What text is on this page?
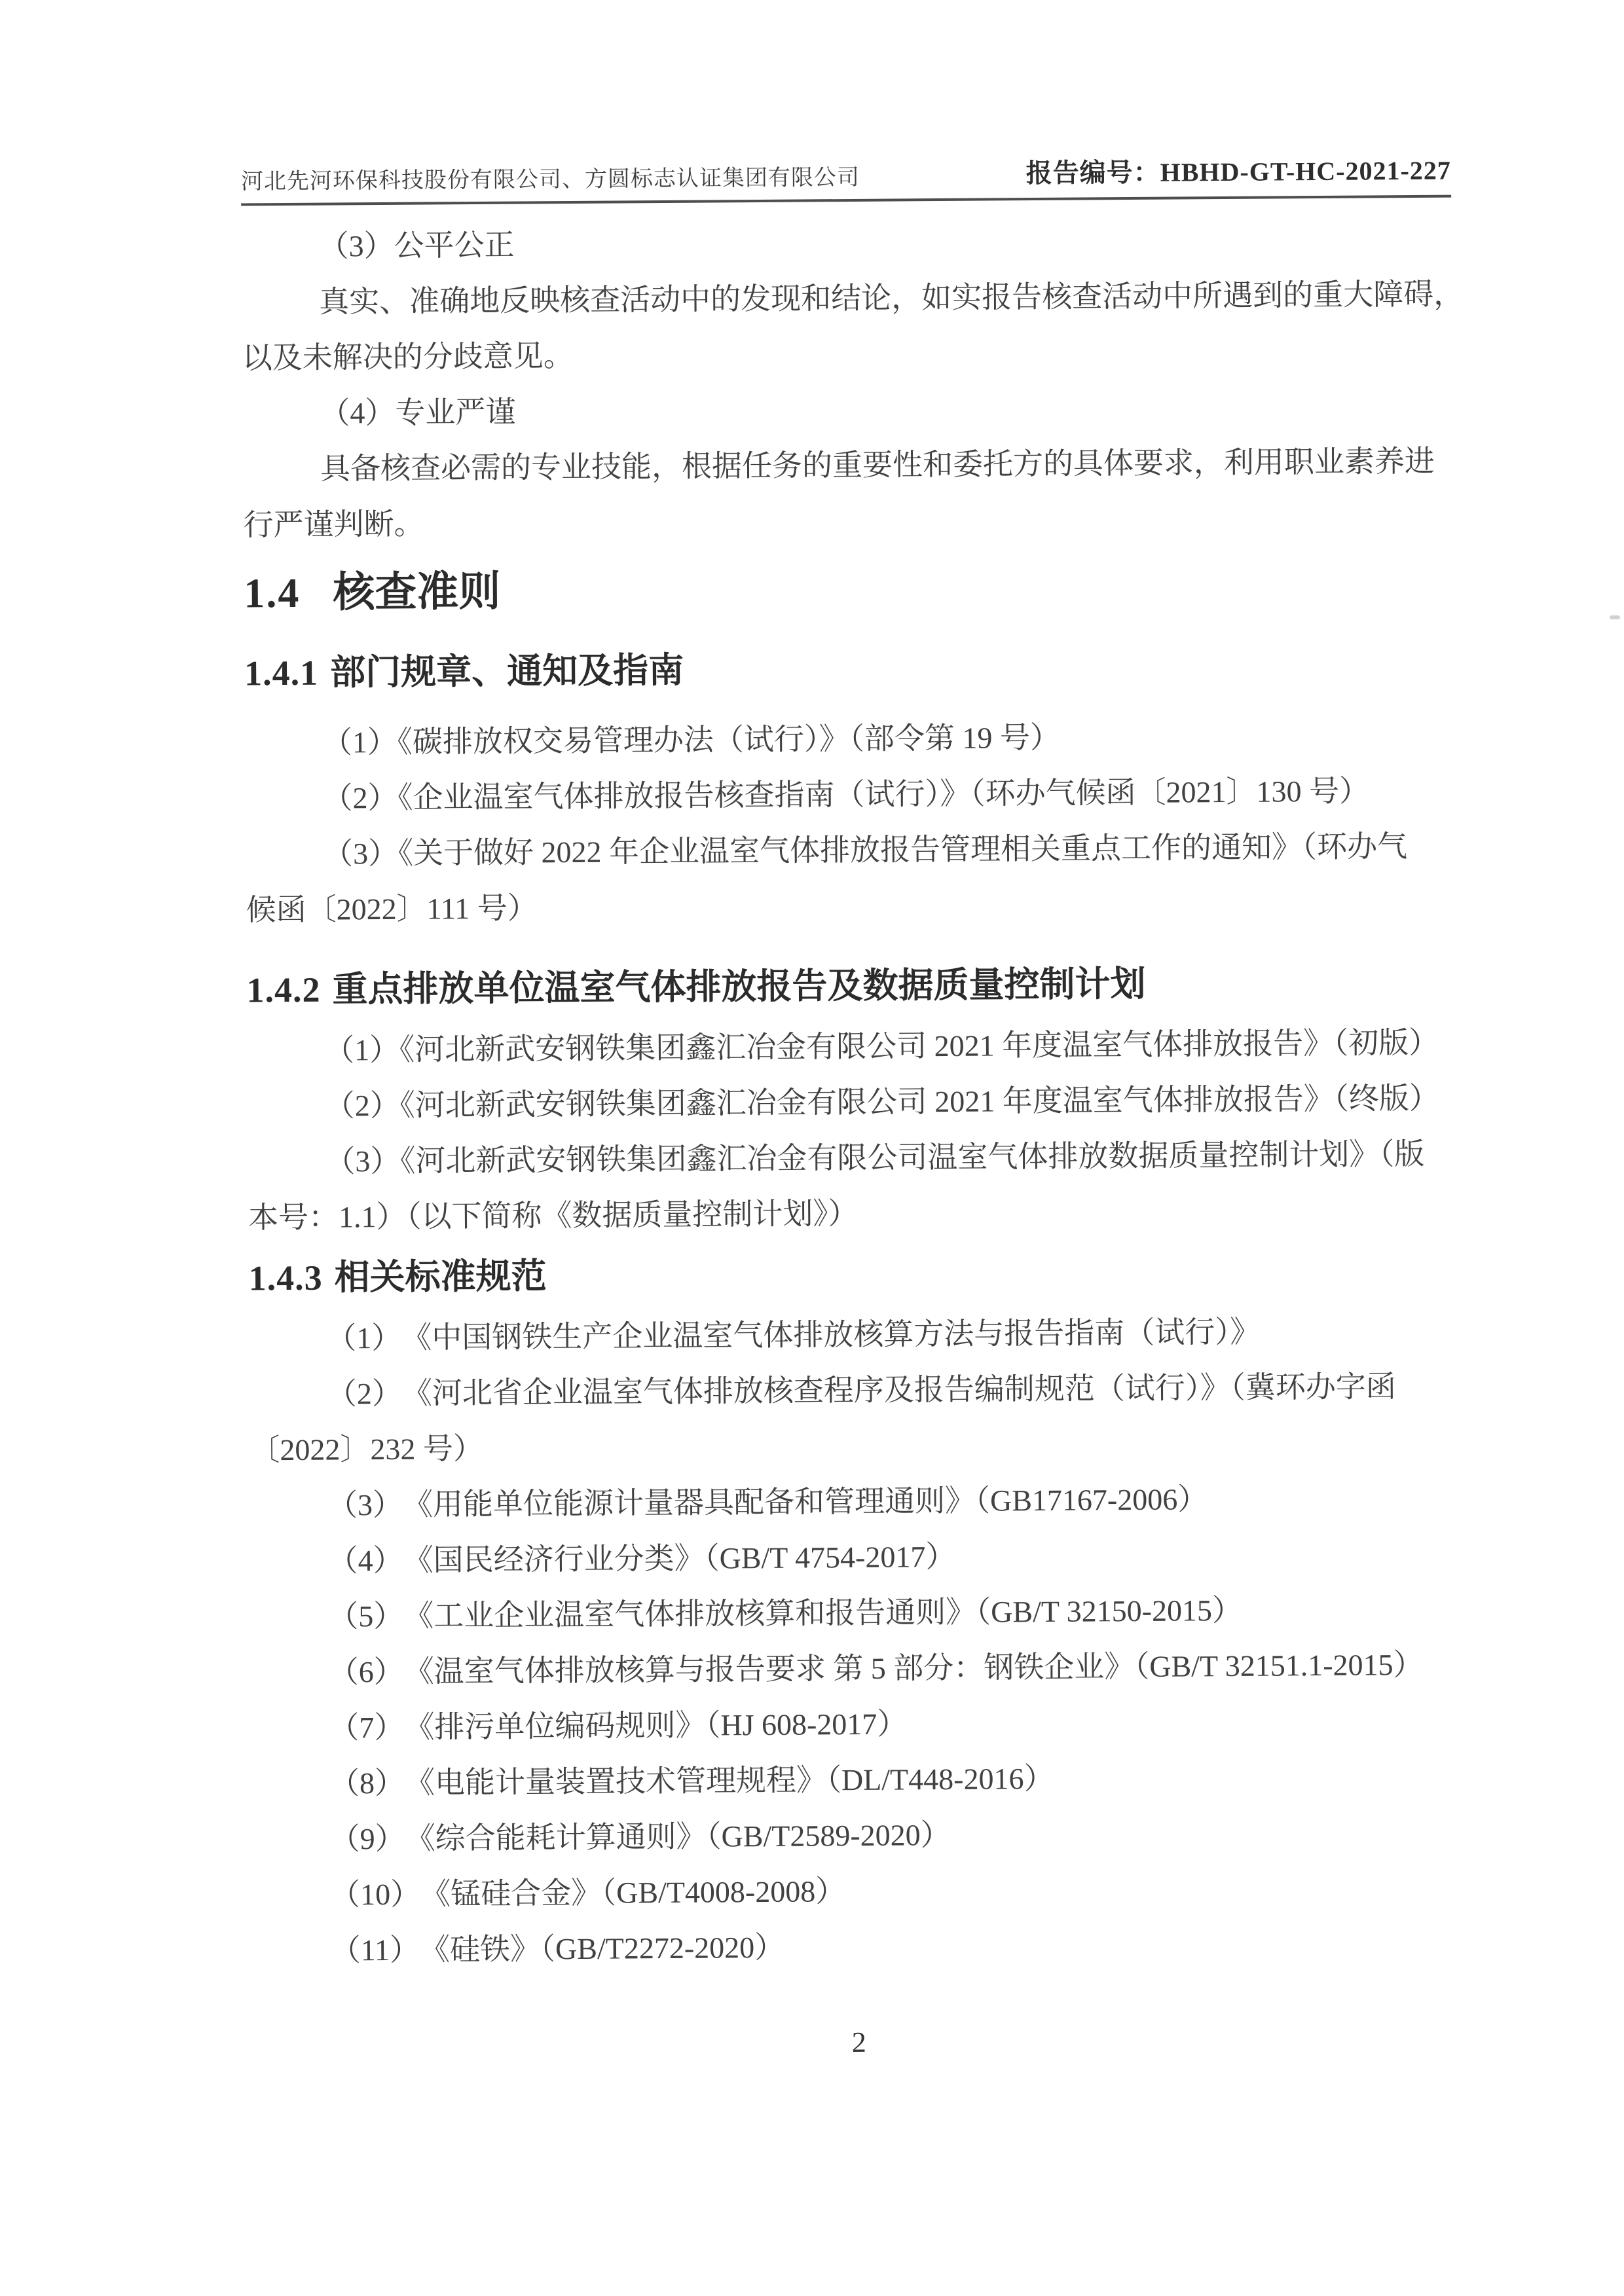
河北先河环保科技股份有限公司、方圆标志认证集团有限公司	报告编号：HBHD-GT-HC-2021-227

（3）公平公正

真实、准确地反映核查活动中的发现和结论，如实报告核查活动中所遇到的重大障碍，

以及未解决的分歧意见。

（4）专业严谨

具备核查必需的专业技能，根据任务的重要性和委托方的具体要求，利用职业素养进

行严谨判断。

1.4 核查准则
1.4.1 部门规章、通知及指南

（1）《碳排放权交易管理办法（试行）》（部令第 19 号）

（2）《企业温室气体排放报告核查指南（试行）》（环办气候函〔2021〕130 号）

（3）《关于做好 2022 年企业温室气体排放报告管理相关重点工作的通知》（环办气

候函〔2022〕111 号）

1.4.2 重点排放单位温室气体排放报告及数据质量控制计划

（1）《河北新武安钢铁集团鑫汇冶金有限公司 2021 年度温室气体排放报告》（初版）

（2）《河北新武安钢铁集团鑫汇冶金有限公司 2021 年度温室气体排放报告》（终版）

（3）《河北新武安钢铁集团鑫汇冶金有限公司温室气体排放数据质量控制计划》（版

本号：1.1）（以下简称《数据质量控制计划》）

1.4.3 相关标准规范

（1）　《中国钢铁生产企业温室气体排放核算方法与报告指南（试行）》

（2）　《河北省企业温室气体排放核查程序及报告编制规范（试行）》（冀环办字函

〔2022〕232 号）

（3）　《用能单位能源计量器具配备和管理通则》（GB17167-2006）

（4）　《国民经济行业分类》（GB/T 4754-2017）

（5）　《工业企业温室气体排放核算和报告通则》（GB/T 32150-2015）

（6）　《温室气体排放核算与报告要求 第 5 部分：钢铁企业》（GB/T 32151.1-2015）

（7）　《排污单位编码规则》（HJ 608-2017）

（8）　《电能计量装置技术管理规程》（DL/T448-2016）

（9）　《综合能耗计算通则》（GB/T2589-2020）

（10）　《锰硅合金》（GB/T4008-2008）

（11）　《硅铁》（GB/T2272-2020）

2
